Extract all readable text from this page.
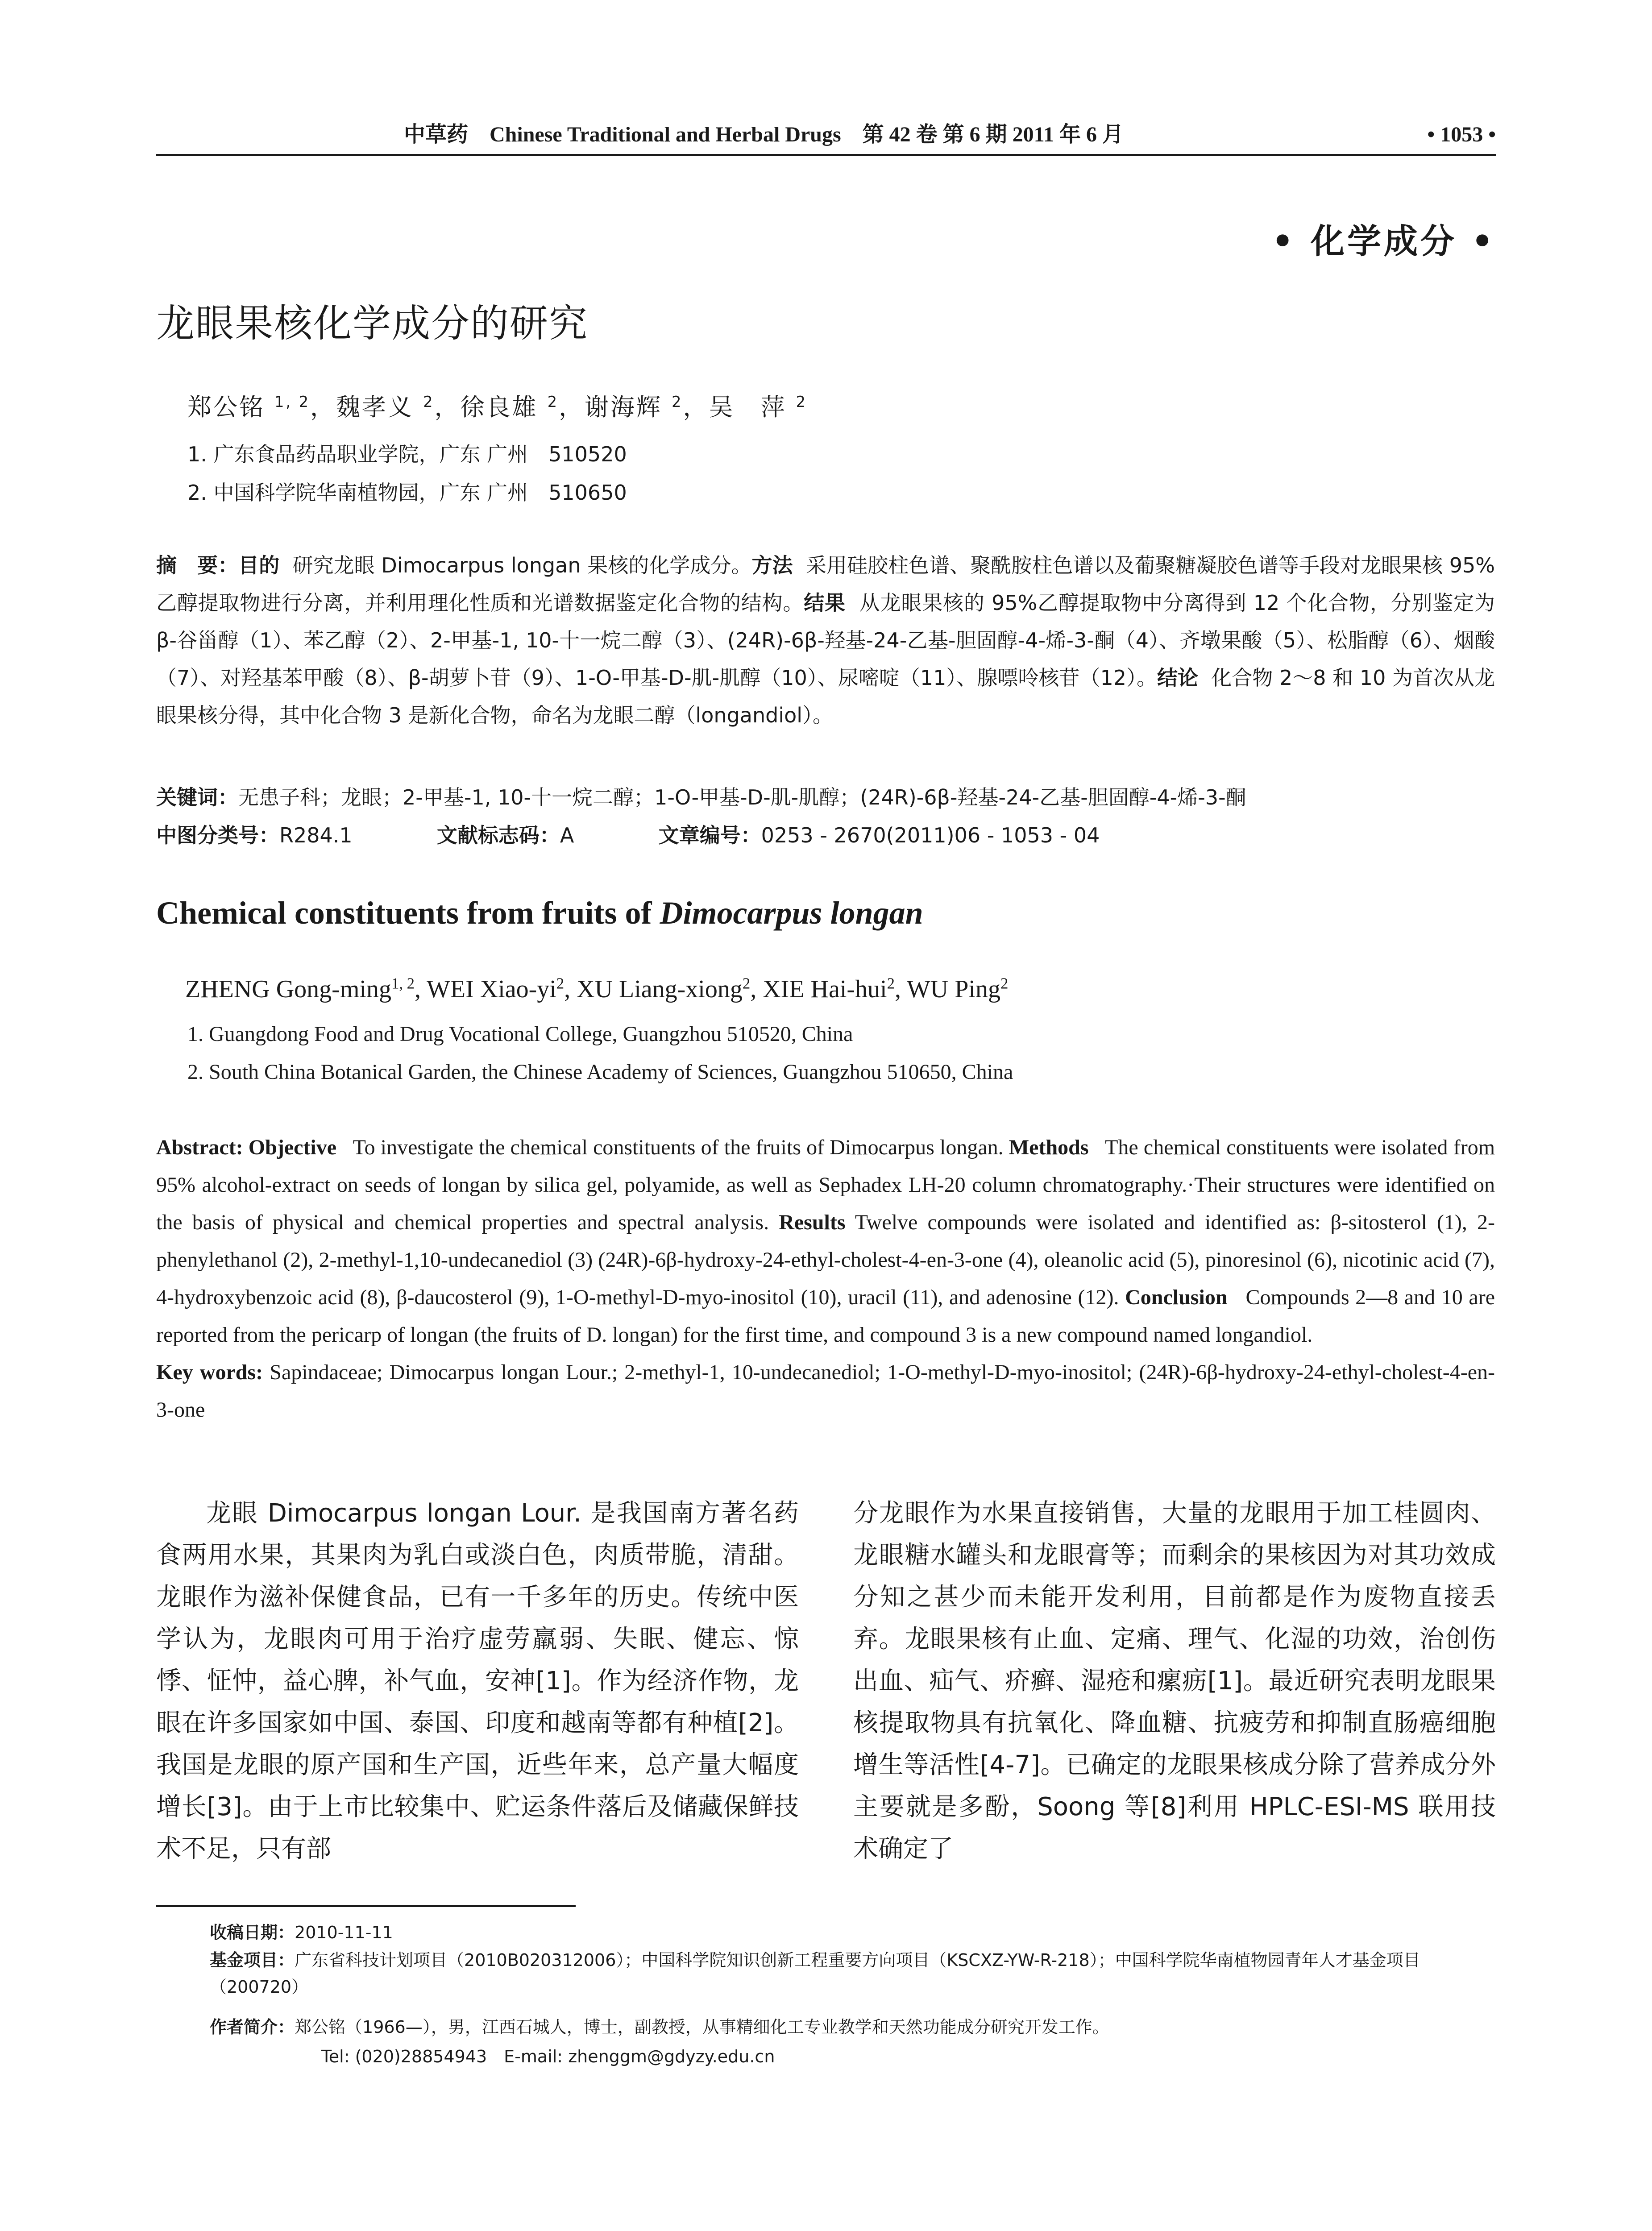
中草药　Chinese Traditional and Herbal Drugs　第 42 卷 第 6 期 2011 年 6 月	• 1053 •
• 化学成分 •
龙眼果核化学成分的研究
郑公铭 $^{1, 2}$，魏孝义 $^2$，徐良雄 $^2$，谢海辉 $^2$，吴　萍 $^2$
1. 广东食品药品职业学院，广东 广州　510520
2. 中国科学院华南植物园，广东 广州　510650
摘　要：目的 研究龙眼 Dimocarpus longan 果核的化学成分。方法 采用硅胶柱色谱、聚酰胺柱色谱以及葡聚糖凝胶色谱等手段对龙眼果核 95%乙醇提取物进行分离，并利用理化性质和光谱数据鉴定化合物的结构。结果 从龙眼果核的 95%乙醇提取物中分离得到 12 个化合物，分别鉴定为 β-谷甾醇（1）、苯乙醇（2）、2-甲基-1, 10-十一烷二醇（3）、(24R)-6β-羟基-24-乙基-胆固醇-4-烯-3-酮（4）、齐墩果酸（5）、松脂醇（6）、烟酸（7）、对羟基苯甲酸（8）、β-胡萝卜苷（9）、1-O-甲基-D-肌-肌醇（10）、尿嘧啶（11）、腺嘌呤核苷（12）。结论 化合物 2～8 和 10 为首次从龙眼果核分得，其中化合物 3 是新化合物，命名为龙眼二醇（longandiol）。
关键词：无患子科；龙眼；2-甲基-1, 10-十一烷二醇；1-O-甲基-D-肌-肌醇；(24R)-6β-羟基-24-乙基-胆固醇-4-烯-3-酮
中图分类号：R284.1	文献标志码：A	文章编号：0253 - 2670(2011)06 - 1053 - 04
Chemical constituents from fruits of Dimocarpus longan
ZHENG Gong-ming$^{1, 2}$, WEI Xiao-$yi^2$, XU Liang-xiong$^2$, XIE Hai-hui$^2$, WU Ping$^2$
1. Guangdong Food and Drug Vocational College, Guangzhou 510520, China
2. South China Botanical Garden, the Chinese Academy of Sciences, Guangzhou 510650, China
Abstract: Objective To investigate the chemical constituents of the fruits of Dimocarpus longan. Methods The chemical constituents were isolated from 95% alcohol-extract on seeds of longan by silica gel, polyamide, as well as Sephadex LH-20 column chromatography.·Their structures were identified on the basis of physical and chemical properties and spectral analysis. Results Twelve compounds were isolated and identified as: β-sitosterol (1), 2-phenylethanol (2), 2-methyl-1,10-undecanediol (3) (24R)-6β-hydroxy-24-ethyl-cholest-4-en-3-one (4), oleanolic acid (5), pinoresinol (6), nicotinic acid (7), 4-hydroxybenzoic acid (8), β-daucosterol (9), 1-O-methyl-D-myo-inositol (10), uracil (11), and adenosine (12). Conclusion Compounds 2—8 and 10 are reported from the pericarp of longan (the fruits of D. longan) for the first time, and compound 3 is a new compound named longandiol.
Key words: Sapindaceae; Dimocarpus longan Lour.; 2-methyl-1, 10-undecanediol; 1-O-methyl-D-myo-inositol; (24R)-6β-hydroxy-24-ethyl-cholest-4-en-3-one
龙眼 Dimocarpus longan Lour. 是我国南方著名药食两用水果，其果肉为乳白或淡白色，肉质带脆，清甜。龙眼作为滋补保健食品，已有一千多年的历史。传统中医学认为，龙眼肉可用于治疗虚劳羸弱、失眠、健忘、惊悸、怔忡，益心脾，补气血，安神[1]。作为经济作物，龙眼在许多国家如中国、泰国、印度和越南等都有种植[2]。我国是龙眼的原产国和生产国，近些年来，总产量大幅度增长[3]。由于上市比较集中、贮运条件落后及储藏保鲜技术不足，只有部
分龙眼作为水果直接销售，大量的龙眼用于加工桂圆肉、龙眼糖水罐头和龙眼膏等；而剩余的果核因为对其功效成分知之甚少而未能开发利用，目前都是作为废物直接丢弃。龙眼果核有止血、定痛、理气、化湿的功效，治创伤出血、疝气、疥癣、湿疮和瘰疬[1]。最近研究表明龙眼果核提取物具有抗氧化、降血糖、抗疲劳和抑制直肠癌细胞增生等活性[4-7]。已确定的龙眼果核成分除了营养成分外主要就是多酚，Soong 等[8]利用 HPLC-ESI-MS 联用技术确定了
收稿日期：2010-11-11
基金项目：广东省科技计划项目（2010B020312006）；中国科学院知识创新工程重要方向项目（KSCXZ-YW-R-218）；中国科学院华南植物园青年人才基金项目（200720）
作者简介：郑公铭（1966—），男，江西石城人，博士，副教授，从事精细化工专业教学和天然功能成分研究开发工作。
Tel: (020)28854943　E-mail: zhenggm@gdyzy.edu.cn
